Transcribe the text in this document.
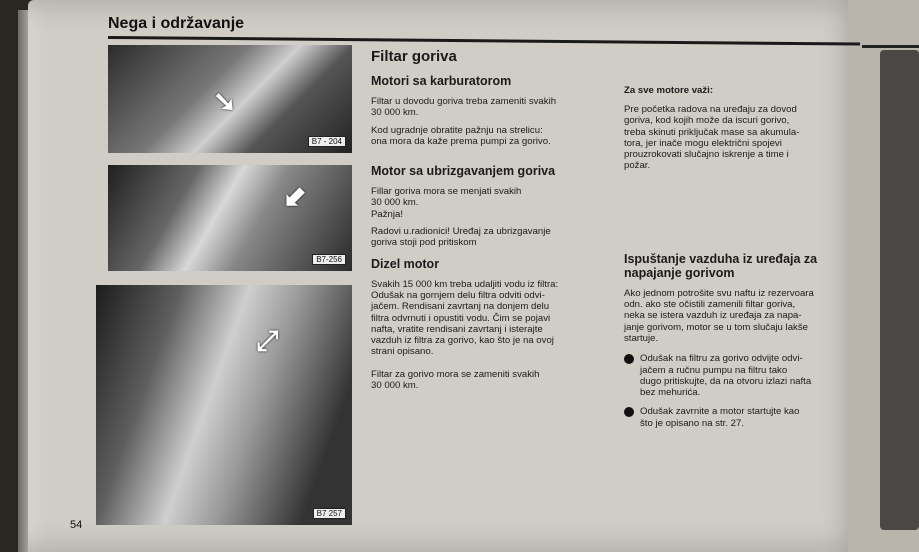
Nega i održavanje
➘
B7 - 204
⬋
B7-256
⤢
B7 257
Filtar goriva
Motori sa karburatorom

Filtar u dovodu goriva treba zameniti svakih
30 000 km.

Kod ugradnje obratite pažnju na strelicu:
ona mora da kaže prema pumpi za gorivo.

Motor sa ubrizgavanjem goriva

Fillar goriva mora se menjati svakih
30 000 km.
Pažnja!

Radovi u.radionici! Uređaj za ubrizgavanje
goriva stoji pod pritiskom

Dizel motor

Svakih 15 000 km treba udaljiti vodu iz filtra:
Odušak na gornjem delu filtra odviti odvi-
jačem. Rendisani zavrtanj na donjem delu
filtra odvrnuti i opustiti vodu. Čim se pojavi
nafta, vratite rendisani zavrtanj i isterajte
vazduh iz filtra za gorivo, kao što je na ovoj
strani opisano.

Filtar za gorivo mora se zameniti svakih
30 000 km.

Za sve motore važi:

Pre početka radova na uređaju za dovod
goriva, kod kojih može da iscuri gorivo,
treba skinuti priključak mase sa akumula-
tora, jer inače mogu električni spojevi
prouzrokovati slučajno iskrenje a time i
požar.

Ispuštanje vazduha iz uređaja za
napajanje gorivom

Ako jednom potrošite svu naftu iz rezervoara
odn. ako ste očistili zamenili filtar goriva,
neka se istera vazduh iz uređaja za napa-
janje gorivom, motor se u tom slučaju lakše
startuje.

Odušak na filtru za gorivo odvijte odvi-
jačem a ručnu pumpu na filtru tako
dugo pritiskujte, da na otvoru izlazi nafta
bez mehurića.

Odušak zavrnite a motor startujte kao
što je opisano na str. 27.

54
